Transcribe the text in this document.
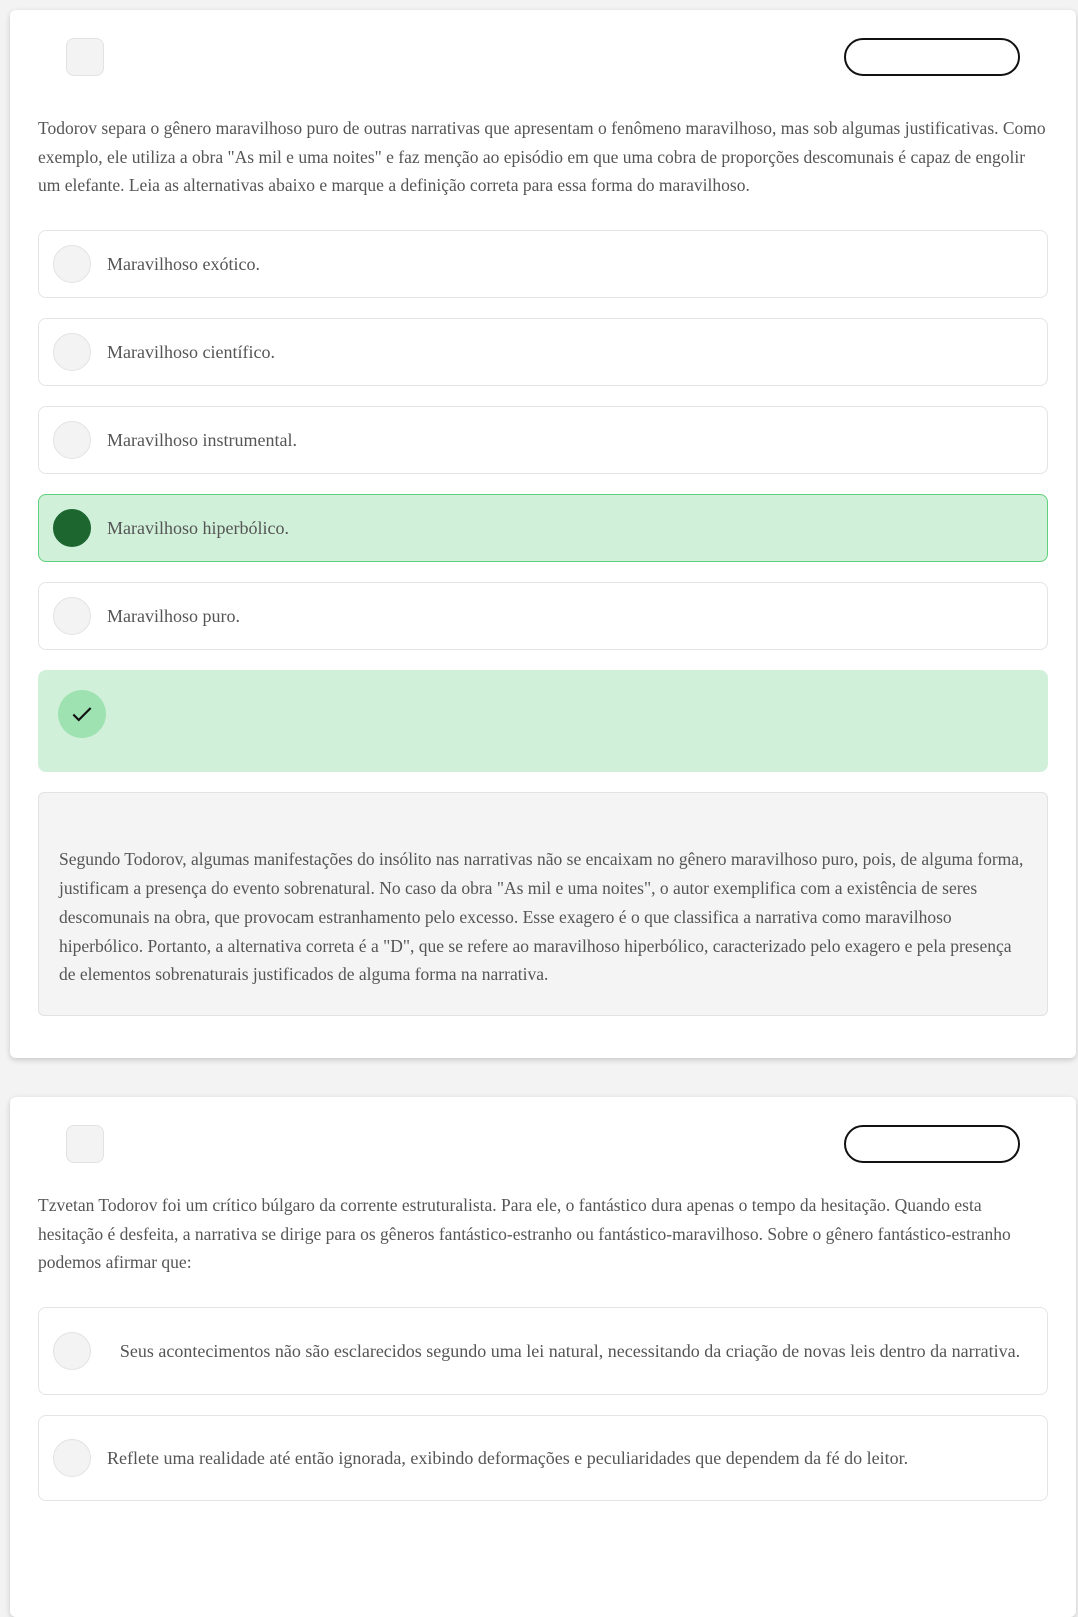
Todorov separa o gênero maravilhoso puro de outras narrativas que apresentam o fenômeno maravilhoso, mas sob algumas justificativas. Como exemplo, ele utiliza a obra "As mil e uma noites" e faz menção ao episódio em que uma cobra de proporções descomunais é capaz de engolir um elefante. Leia as alternativas abaixo e marque a definição correta para essa forma do maravilhoso.

Maravilhoso exótico.
Maravilhoso científico.
Maravilhoso instrumental.
Maravilhoso hiperbólico.
Maravilhoso puro.
Segundo Todorov, algumas manifestações do insólito nas narrativas não se encaixam no gênero maravilhoso puro, pois, de alguma forma, justificam a presença do evento sobrenatural. No caso da obra "As mil e uma noites", o autor exemplifica com a existência de seres descomunais na obra, que provocam estranhamento pelo excesso. Esse exagero é o que classifica a narrativa como maravilhoso hiperbólico. Portanto, a alternativa correta é a "D", que se refere ao maravilhoso hiperbólico, caracterizado pelo exagero e pela presença de elementos sobrenaturais justificados de alguma forma na narrativa.

Tzvetan Todorov foi um crítico búlgaro da corrente estruturalista. Para ele, o fantástico dura apenas o tempo da hesitação. Quando esta hesitação é desfeita, a narrativa se dirige para os gêneros fantástico-estranho ou fantástico-maravilhoso. Sobre o gênero fantástico-estranho podemos afirmar que:

Seus acontecimentos não são esclarecidos segundo uma lei natural, necessitando da criação de novas leis dentro da narrativa.
Reflete uma realidade até então ignorada, exibindo deformações e peculiaridades que dependem da fé do leitor.
